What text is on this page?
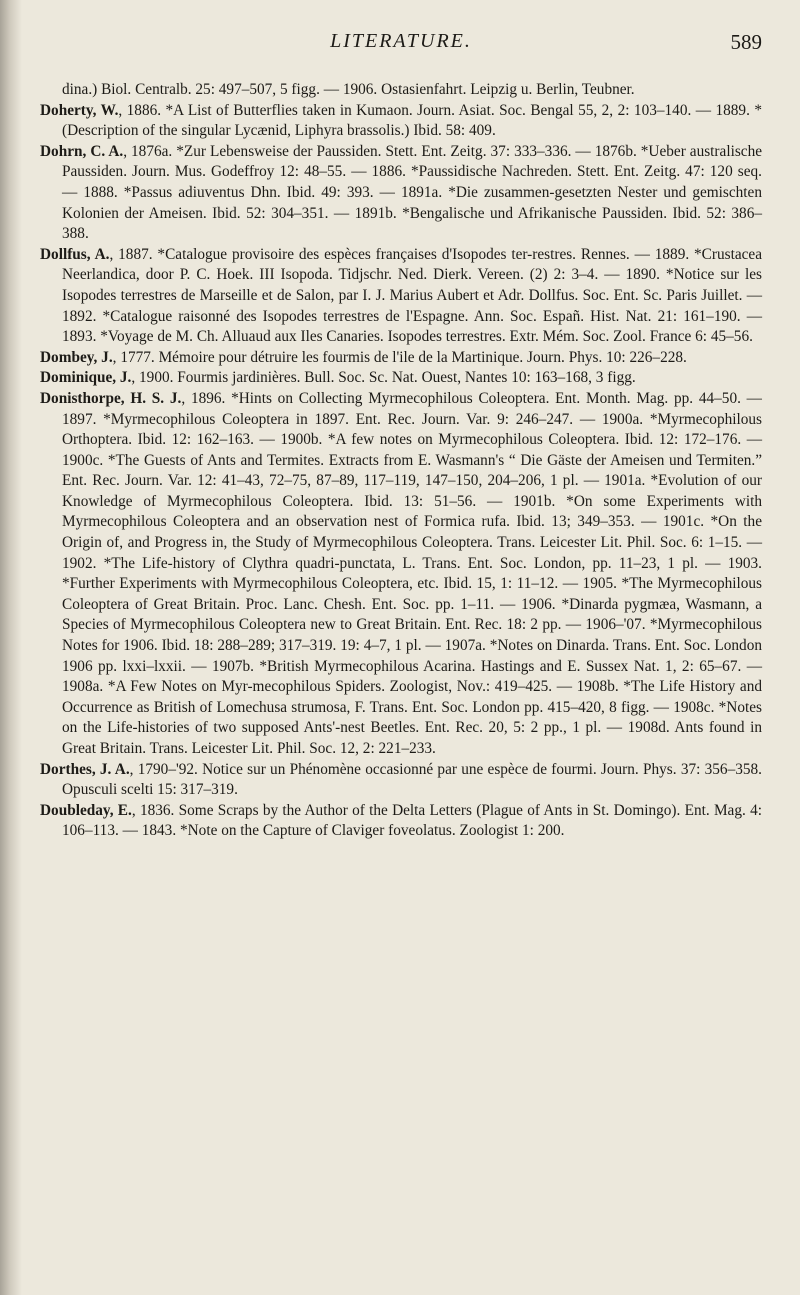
LITERATURE.	589

dina.) Biol. Centralb. 25: 497–507, 5 figg. — 1906. Ostasienfahrt. Leipzig u. Berlin, Teubner.

Doherty, W., 1886. *A List of Butterflies taken in Kumaon. Journ. Asiat. Soc. Bengal 55, 2, 2: 103–140. — 1889. *(Description of the singular Lycænid, Liphyra brassolis.) Ibid. 58: 409.

Dohrn, C. A., 1876a. *Zur Lebensweise der Paussiden. Stett. Ent. Zeitg. 37: 333–336. — 1876b. *Ueber australische Paussiden. Journ. Mus. Godeffroy 12: 48–55. — 1886. *Paussidische Nachreden. Stett. Ent. Zeitg. 47: 120 seq. — 1888. *Passus adiuventus Dhn. Ibid. 49: 393. — 1891a. *Die zusammen-gesetzten Nester und gemischten Kolonien der Ameisen. Ibid. 52: 304–351. — 1891b. *Bengalische und Afrikanische Paussiden. Ibid. 52: 386–388.

Dollfus, A., 1887. *Catalogue provisoire des espèces françaises d'Isopodes ter-restres. Rennes. — 1889. *Crustacea Neerlandica, door P. C. Hoek. III Isopoda. Tidjschr. Ned. Dierk. Vereen. (2) 2: 3–4. — 1890. *Notice sur les Isopodes terrestres de Marseille et de Salon, par I. J. Marius Aubert et Adr. Dollfus. Soc. Ent. Sc. Paris Juillet. — 1892. *Catalogue raisonné des Isopodes terrestres de l'Espagne. Ann. Soc. Españ. Hist. Nat. 21: 161–190. — 1893. *Voyage de M. Ch. Alluaud aux Iles Canaries. Isopodes terrestres. Extr. Mém. Soc. Zool. France 6: 45–56.

Dombey, J., 1777. Mémoire pour détruire les fourmis de l'ile de la Martinique. Journ. Phys. 10: 226–228.

Dominique, J., 1900. Fourmis jardinières. Bull. Soc. Sc. Nat. Ouest, Nantes 10: 163–168, 3 figg.

Donisthorpe, H. S. J., 1896. *Hints on Collecting Myrmecophilous Coleoptera. Ent. Month. Mag. pp. 44–50. — 1897. *Myrmecophilous Coleoptera in 1897. Ent. Rec. Journ. Var. 9: 246–247. — 1900a. *Myrmecophilous Orthoptera. Ibid. 12: 162–163. — 1900b. *A few notes on Myrmecophilous Coleoptera. Ibid. 12: 172–176. — 1900c. *The Guests of Ants and Termites. Extracts from E. Wasmann's “ Die Gäste der Ameisen und Termiten.” Ent. Rec. Journ. Var. 12: 41–43, 72–75, 87–89, 117–119, 147–150, 204–206, 1 pl. — 1901a. *Evolution of our Knowledge of Myrmecophilous Coleoptera. Ibid. 13: 51–56. — 1901b. *On some Experiments with Myrmecophilous Coleoptera and an observation nest of Formica rufa. Ibid. 13; 349–353. — 1901c. *On the Origin of, and Progress in, the Study of Myrmecophilous Coleoptera. Trans. Leicester Lit. Phil. Soc. 6: 1–15. — 1902. *The Life-history of Clythra quadri-punctata, L. Trans. Ent. Soc. London, pp. 11–23, 1 pl. — 1903. *Further Experiments with Myrmecophilous Coleoptera, etc. Ibid. 15, 1: 11–12. — 1905. *The Myrmecophilous Coleoptera of Great Britain. Proc. Lanc. Chesh. Ent. Soc. pp. 1–11. — 1906. *Dinarda pygmæa, Wasmann, a Species of Myrmecophilous Coleoptera new to Great Britain. Ent. Rec. 18: 2 pp. — 1906–'07. *Myrmecophilous Notes for 1906. Ibid. 18: 288–289; 317–319. 19: 4–7, 1 pl. — 1907a. *Notes on Dinarda. Trans. Ent. Soc. London 1906 pp. lxxi–lxxii. — 1907b. *British Myrmecophilous Acarina. Hastings and E. Sussex Nat. 1, 2: 65–67. — 1908a. *A Few Notes on Myr-mecophilous Spiders. Zoologist, Nov.: 419–425. — 1908b. *The Life History and Occurrence as British of Lomechusa strumosa, F. Trans. Ent. Soc. London pp. 415–420, 8 figg. — 1908c. *Notes on the Life-histories of two supposed Ants'-nest Beetles. Ent. Rec. 20, 5: 2 pp., 1 pl. — 1908d. Ants found in Great Britain. Trans. Leicester Lit. Phil. Soc. 12, 2: 221–233.

Dorthes, J. A., 1790–'92. Notice sur un Phénomène occasionné par une espèce de fourmi. Journ. Phys. 37: 356–358. Opusculi scelti 15: 317–319.

Doubleday, E., 1836. Some Scraps by the Author of the Delta Letters (Plague of Ants in St. Domingo). Ent. Mag. 4: 106–113. — 1843. *Note on the Capture of Claviger foveolatus. Zoologist 1: 200.
